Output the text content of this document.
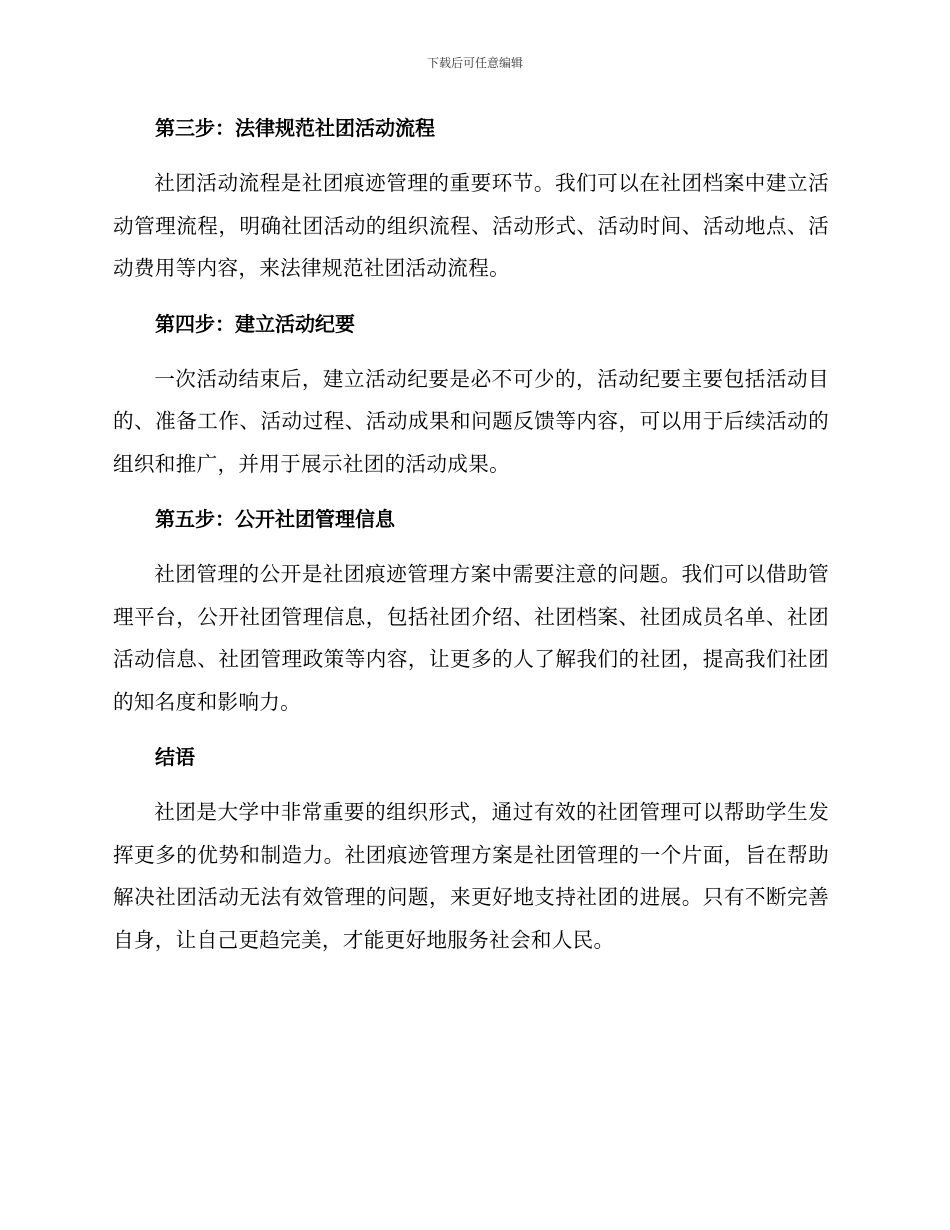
下载后可任意编辑
第三步：法律规范社团活动流程

社团活动流程是社团痕迹管理的重要环节。我们可以在社团档案中建立活动管理流程，明确社团活动的组织流程、活动形式、活动时间、活动地点、活动费用等内容，来法律规范社团活动流程。

第四步：建立活动纪要

一次活动结束后，建立活动纪要是必不可少的，活动纪要主要包括活动目的、准备工作、活动过程、活动成果和问题反馈等内容，可以用于后续活动的组织和推广，并用于展示社团的活动成果。

第五步：公开社团管理信息

社团管理的公开是社团痕迹管理方案中需要注意的问题。我们可以借助管理平台，公开社团管理信息，包括社团介绍、社团档案、社团成员名单、社团活动信息、社团管理政策等内容，让更多的人了解我们的社团，提高我们社团的知名度和影响力。

结语

社团是大学中非常重要的组织形式，通过有效的社团管理可以帮助学生发挥更多的优势和制造力。社团痕迹管理方案是社团管理的一个片面，旨在帮助解决社团活动无法有效管理的问题，来更好地支持社团的进展。只有不断完善自身，让自己更趋完美，才能更好地服务社会和人民。
